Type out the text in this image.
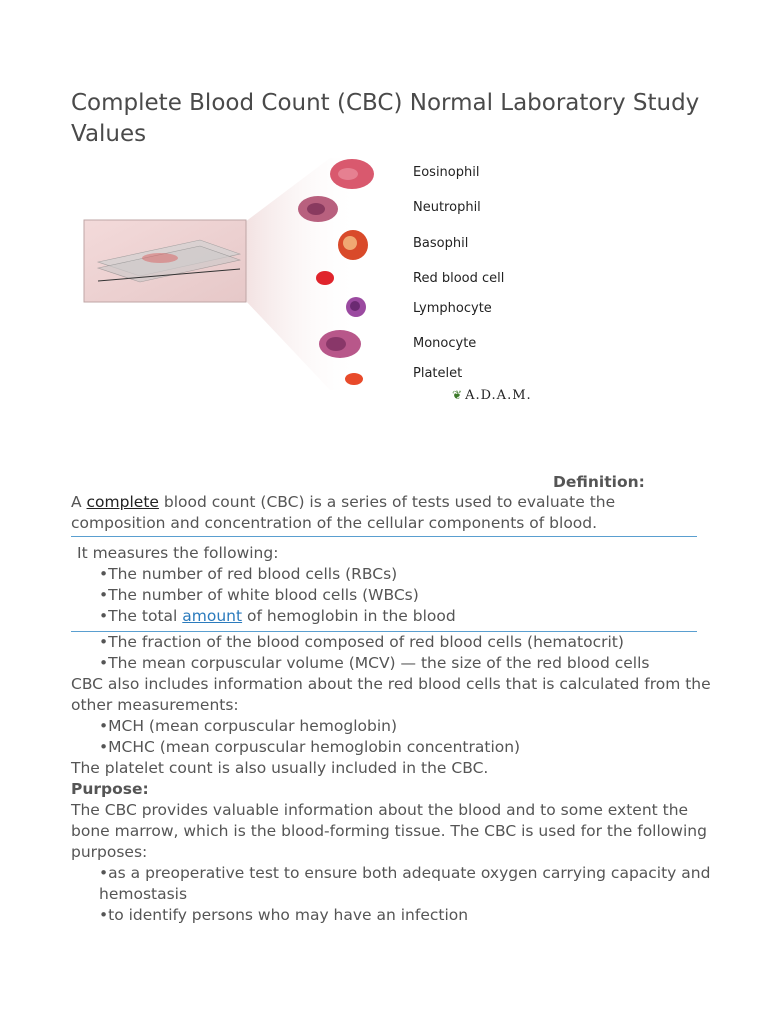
Complete Blood Count (CBC) Normal Laboratory Study Values
Eosinophil
Neutrophil
Basophil
Red blood cell
Lymphocyte
Monocyte
Platelet
❦ A.D.A.M.
Definition:

A complete blood count (CBC) is a series of tests used to evaluate the composition and concentration of the cellular components of blood.

It measures the following:

•The number of red blood cells (RBCs)

•The number of white blood cells (WBCs)

•The total amount of hemoglobin in the blood

•The fraction of the blood composed of red blood cells (hematocrit)

•The mean corpuscular volume (MCV) — the size of the red blood cells

CBC also includes information about the red blood cells that is calculated from the other measurements:

•MCH (mean corpuscular hemoglobin)

•MCHC (mean corpuscular hemoglobin concentration)

The platelet count is also usually included in the CBC.

Purpose:

The CBC provides valuable information about the blood and to some extent the bone marrow, which is the blood-forming tissue. The CBC is used for the following purposes:

•as a preoperative test to ensure both adequate oxygen carrying capacity and hemostasis

•to identify persons who may have an infection
